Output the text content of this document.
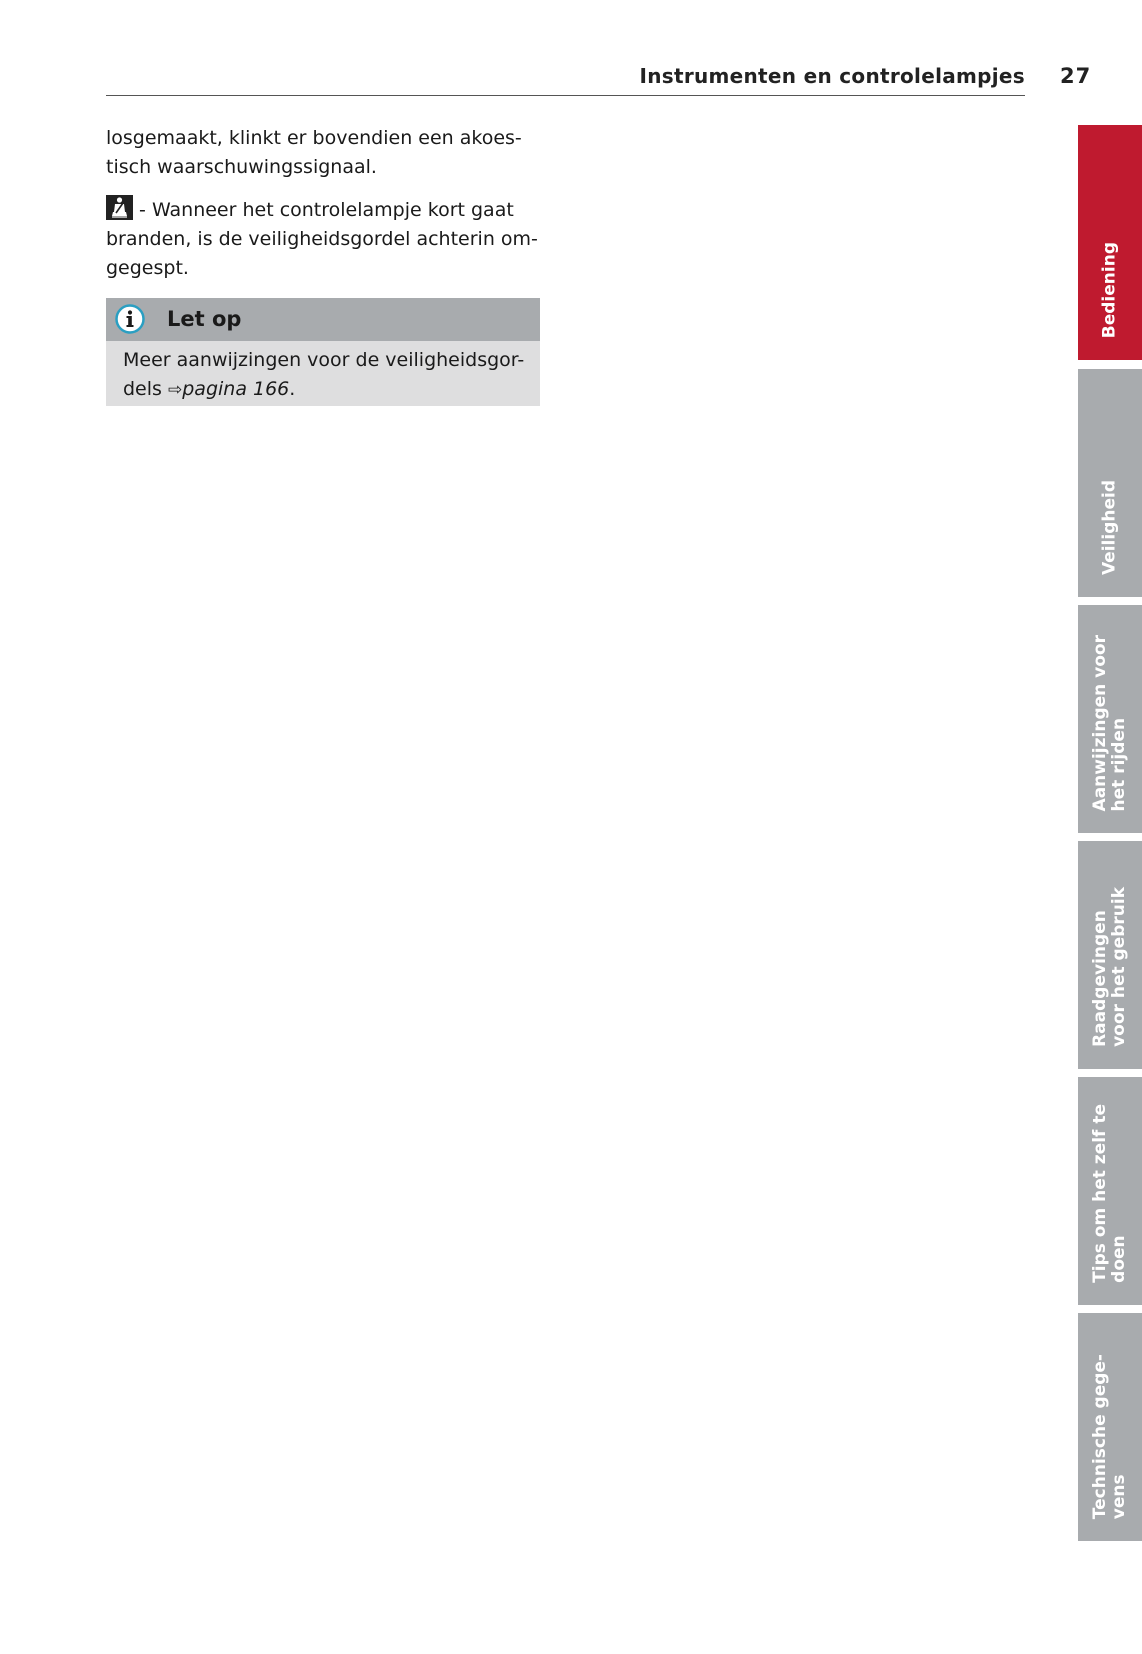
Instrumenten en controlelampjes 27

losgemaakt, klinkt er bovendien een akoes-
tisch waarschuwingssignaal.

- Wanneer het controlelampje kort gaat
branden, is de veiligheidsgordel achterin om-
gegespt.

Let op
Meer aanwijzingen voor de veiligheidsgor-
dels ⇨pagina 166.
Bediening
Veiligheid
Aanwijzingen voor het rijden
Raadgevingen voor het gebruik
Tips om het zelf te doen
Technische gege- vens
